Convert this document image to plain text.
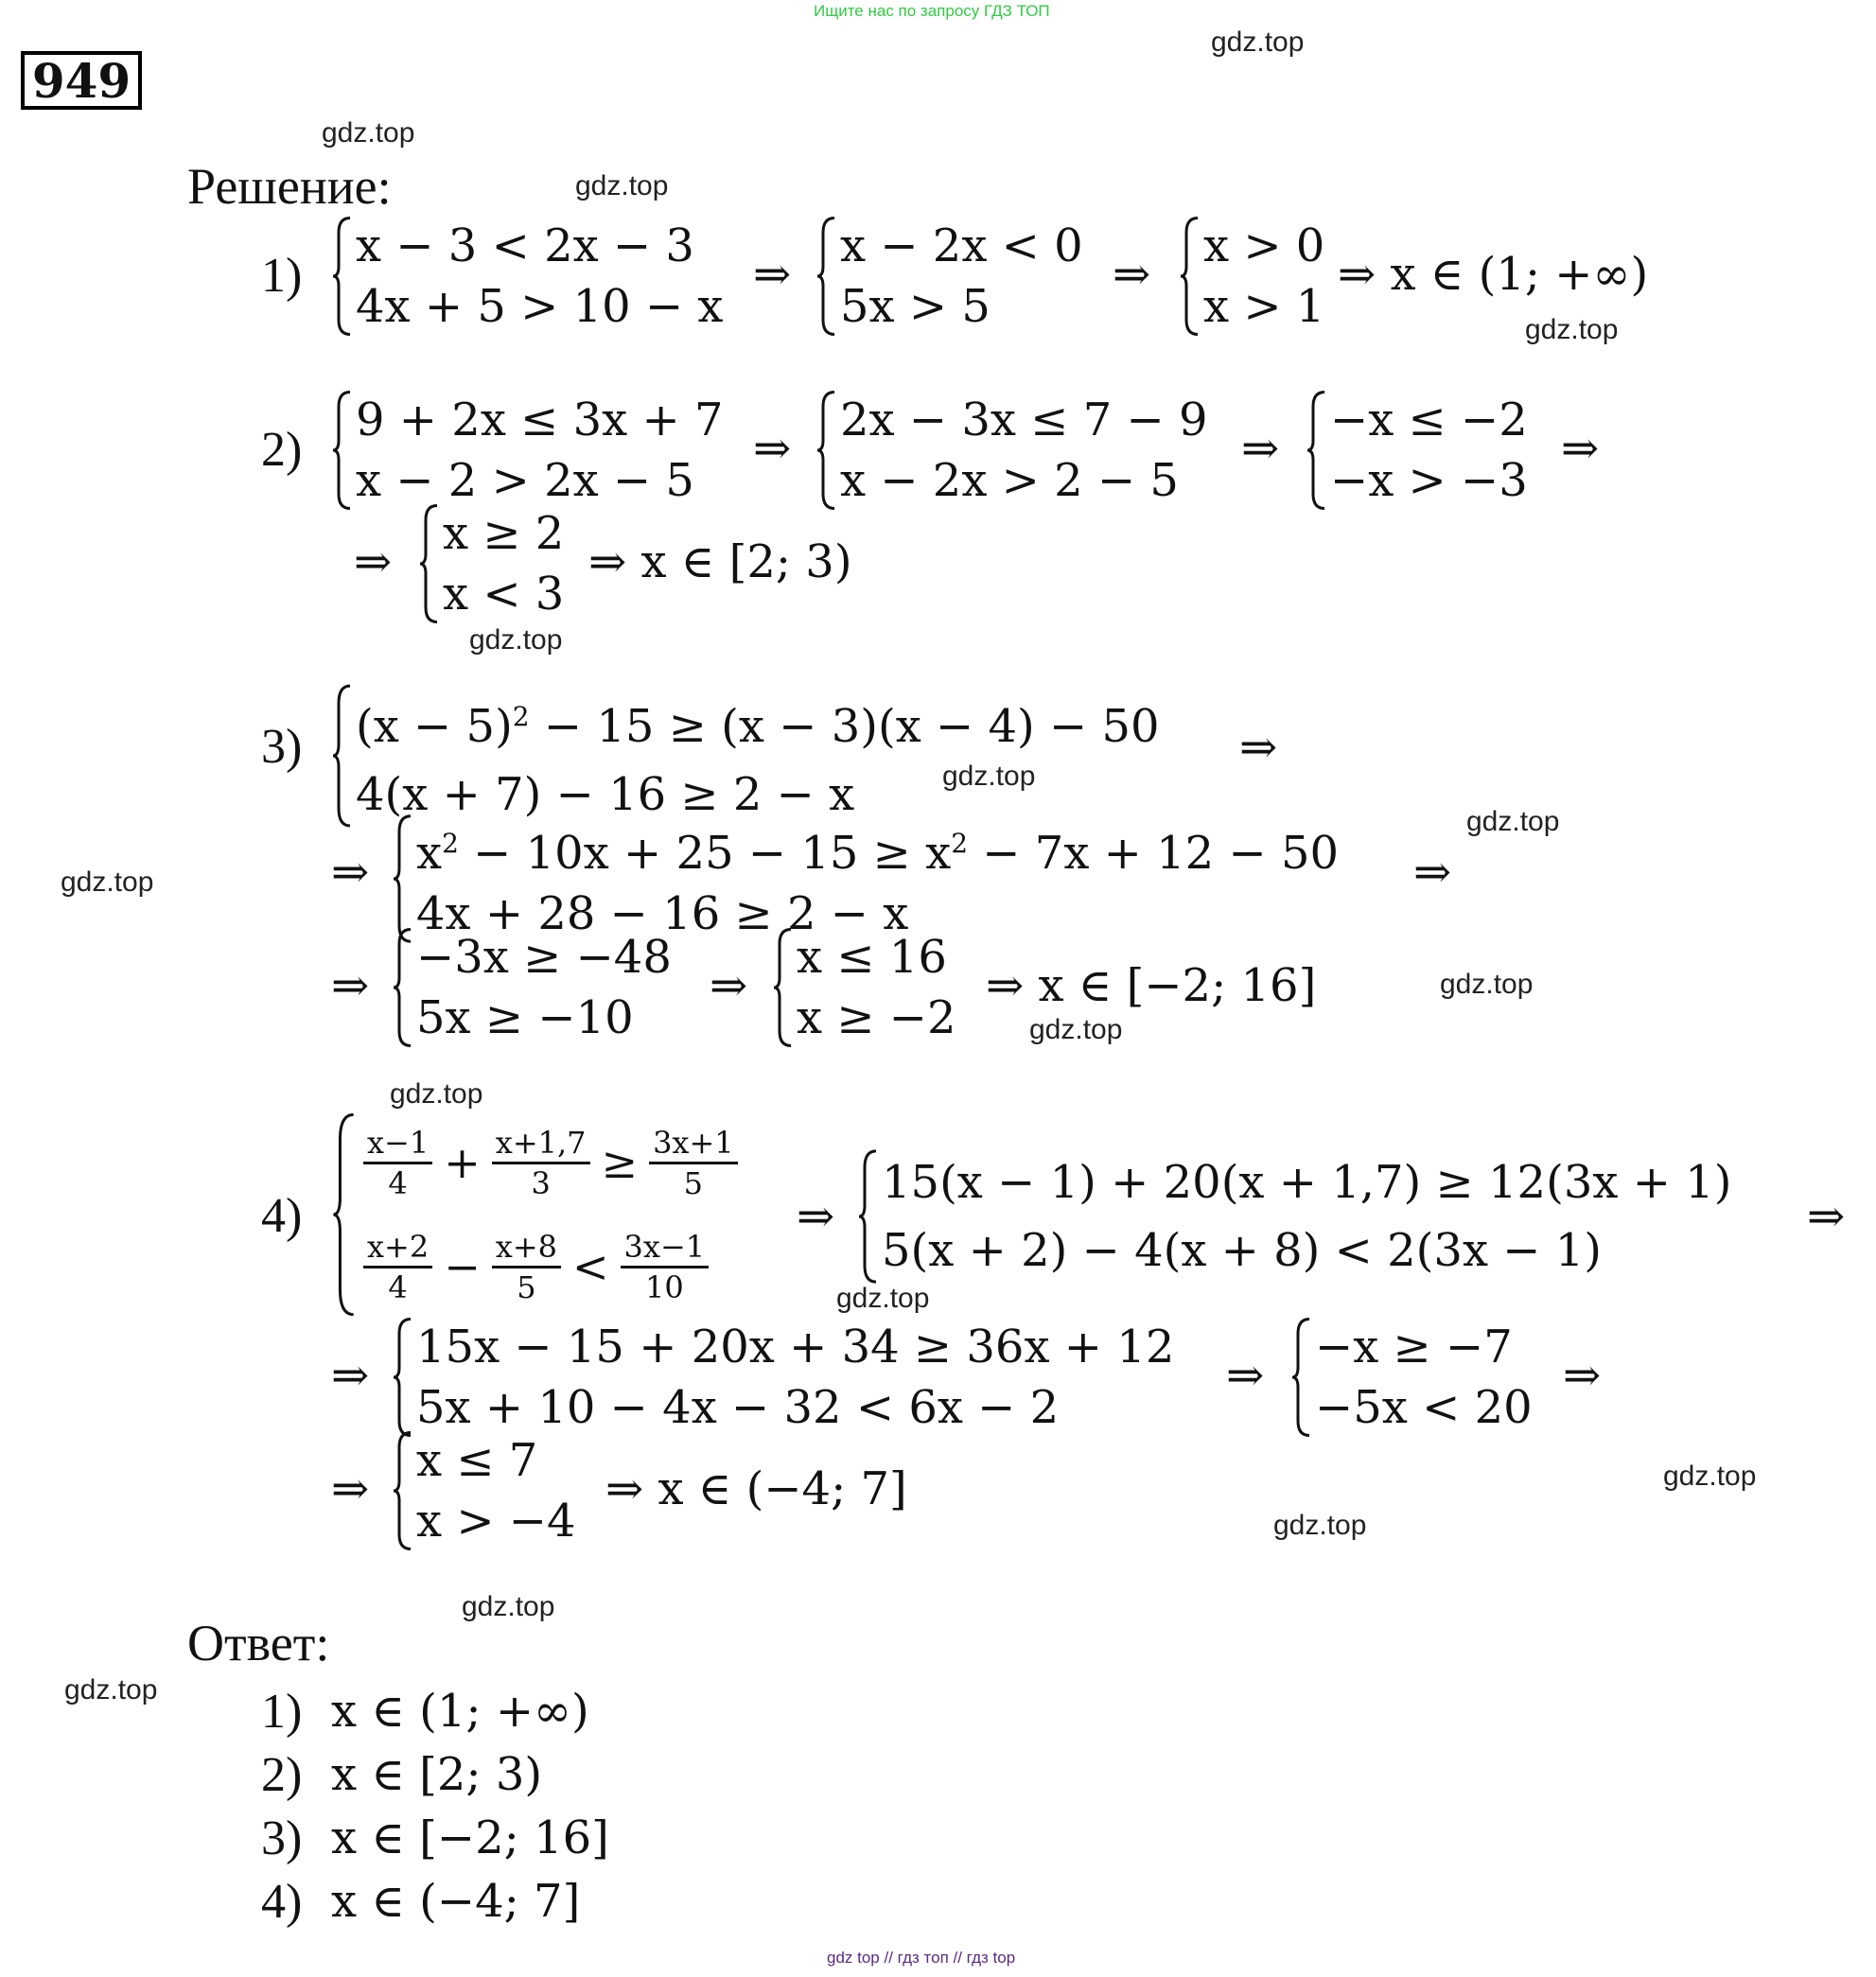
Ищите нас по запросу ГДЗ ТОП
gdz top // гдз топ // гдз top
949
gdz.top
gdz.top
gdz.top
gdz.top
gdz.top
gdz.top
gdz.top
gdz.top
gdz.top
gdz.top
gdz.top
gdz.top
gdz.top
gdz.top
gdz.top
gdz.top
Решение:
1)
x − 3 < 2x − 3
4x + 5 > 10 − x
⇒
x − 2x < 0
5x > 5
⇒
x > 0
x > 1
⇒ x ∈ (1; +∞)
2)
9 + 2x ≤ 3x + 7
x − 2 > 2x − 5
⇒
2x − 3x ≤ 7 − 9
x − 2x > 2 − 5
⇒
−x ≤ −2
−x > −3
⇒
⇒
x ≥ 2
x < 3
⇒ x ∈ [2; 3)
3) $(x - 5)^2 - 15 \ge (x - 3)(x - 4) - 50$
4(x + 7) − 16 ≥ 2 − x
⇒
⇒ $x^2 - 10x + 25 - 15 \ge x^2 - 7x + 12 - 50$
4x + 28 − 16 ≥ 2 − x
⇒
⇒
−3x ≥ −48
5x ≥ −10
⇒
x ≤ 16
x ≥ −2
⇒ x ∈ [−2; 16]
4)
$\frac{x-1}{4} + \frac{x+1,7}{3} \ge \frac{3x+1}{5}$
$\frac{x+2}{4} - \frac{x+8}{5} < \frac{3x-1}{10}$
⇒
15(x − 1) + 20(x + 1,7) ≥ 12(3x + 1)
5(x + 2) − 4(x + 8) < 2(3x − 1)
⇒
⇒
15x − 15 + 20x + 34 ≥ 36x + 12
5x + 10 − 4x − 32 < 6x − 2
⇒
−x ≥ −7
−5x < 20
⇒
⇒
x ≤ 7
x > −4
⇒ x ∈ (−4; 7]
Ответ:
1) x ∈ (1; +∞)
2) x ∈ [2; 3)
3) x ∈ [−2; 16]
4) x ∈ (−4; 7]
